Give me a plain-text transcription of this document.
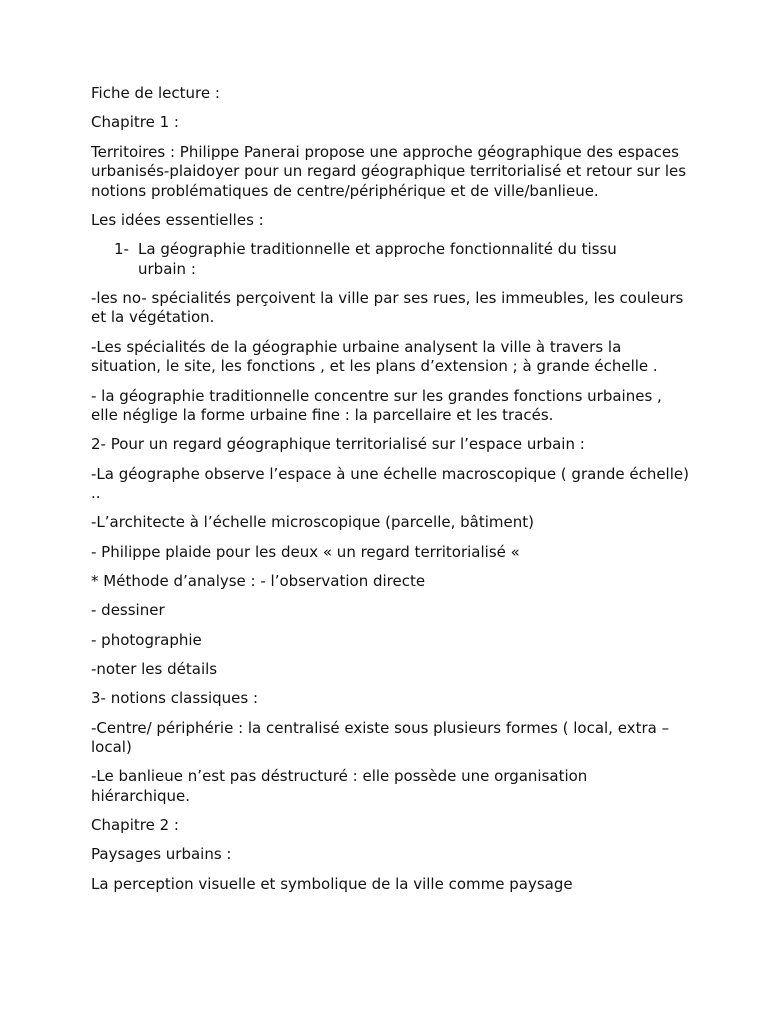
Fiche de lecture :

Chapitre 1 :

Territoires : Philippe Panerai propose une approche géographique des espaces urbanisés-plaidoyer pour un regard géographique territorialisé et retour sur les notions problématiques de centre/périphérique et de ville/banlieue.

Les idées essentielles :

1- La géographie traditionnelle et approche fonctionnalité du tissu urbain :

-les no- spécialités perçoivent la ville par ses rues, les immeubles, les couleurs et la végétation.

-Les spécialités de la géographie urbaine analysent la ville à travers la situation, le site, les fonctions , et les plans d’extension ; à grande échelle .

- la géographie traditionnelle concentre sur les grandes fonctions urbaines , elle néglige la forme urbaine fine : la parcellaire et les tracés.

2- Pour un regard géographique territorialisé sur l’espace urbain :

-La géographe observe l’espace à une échelle macroscopique ( grande échelle) ..

-L’architecte à l’échelle microscopique (parcelle, bâtiment)

- Philippe plaide pour les deux « un regard territorialisé «

* Méthode d’analyse : - l’observation directe

- dessiner

- photographie

-noter les détails

3- notions classiques :

-Centre/ périphérie : la centralisé existe sous plusieurs formes ( local, extra – local)

-Le banlieue n’est pas déstructuré : elle possède une organisation hiérarchique.

Chapitre 2 :

Paysages urbains :

La perception visuelle et symbolique de la ville comme paysage
